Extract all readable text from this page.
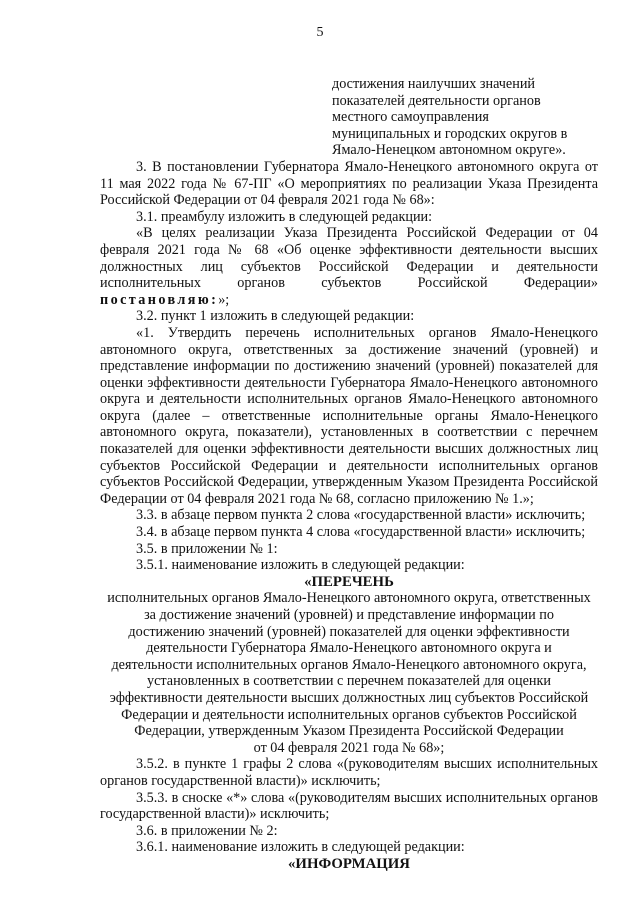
5
достижения наилучших значений
показателей деятельности органов
местного самоуправления
муниципальных и городских округов в
Ямало-Ненецком автономном округе».
3. В постановлении Губернатора Ямало-Ненецкого автономного округа от 11 мая 2022 года № 67-ПГ «О мероприятиях по реализации Указа Президента Российской Федерации от 04 февраля 2021 года № 68»:
3.1. преамбулу изложить в следующей редакции:
«В целях реализации Указа Президента Российской Федерации от 04 февраля 2021 года № 68 «Об оценке эффективности деятельности высших должностных лиц субъектов Российской Федерации и деятельности исполнительных органов субъектов Российской Федерации» постановляю:»;
3.2. пункт 1 изложить в следующей редакции:
«1. Утвердить перечень исполнительных органов Ямало-Ненецкого автономного округа, ответственных за достижение значений (уровней) и представление информации по достижению значений (уровней) показателей для оценки эффективности деятельности Губернатора Ямало-Ненецкого автономного округа и деятельности исполнительных органов Ямало-Ненецкого автономного округа (далее – ответственные исполнительные органы Ямало-Ненецкого автономного округа, показатели), установленных в соответствии с перечнем показателей для оценки эффективности деятельности высших должностных лиц субъектов Российской Федерации и деятельности исполнительных органов субъектов Российской Федерации, утвержденным Указом Президента Российской Федерации от 04 февраля 2021 года № 68, согласно приложению № 1.»;
3.3. в абзаце первом пункта 2 слова «государственной власти» исключить;
3.4. в абзаце первом пункта 4 слова «государственной власти» исключить;
3.5. в приложении № 1:
3.5.1. наименование изложить в следующей редакции:
«ПЕРЕЧЕНЬ
исполнительных органов Ямало-Ненецкого автономного округа, ответственных
за достижение значений (уровней) и представление информации по
достижению значений (уровней) показателей для оценки эффективности
деятельности Губернатора Ямало-Ненецкого автономного округа и
деятельности исполнительных органов Ямало-Ненецкого автономного округа,
установленных в соответствии с перечнем показателей для оценки
эффективности деятельности высших должностных лиц субъектов Российской
Федерации и деятельности исполнительных органов субъектов Российской
Федерации, утвержденным Указом Президента Российской Федерации
от 04 февраля 2021 года № 68»;
3.5.2. в пункте 1 графы 2 слова «(руководителям высших исполнительных органов государственной власти)» исключить;
3.5.3. в сноске «*» слова «(руководителям высших исполнительных органов государственной власти)» исключить;
3.6. в приложении № 2:
3.6.1. наименование изложить в следующей редакции:
«ИНФОРМАЦИЯ
